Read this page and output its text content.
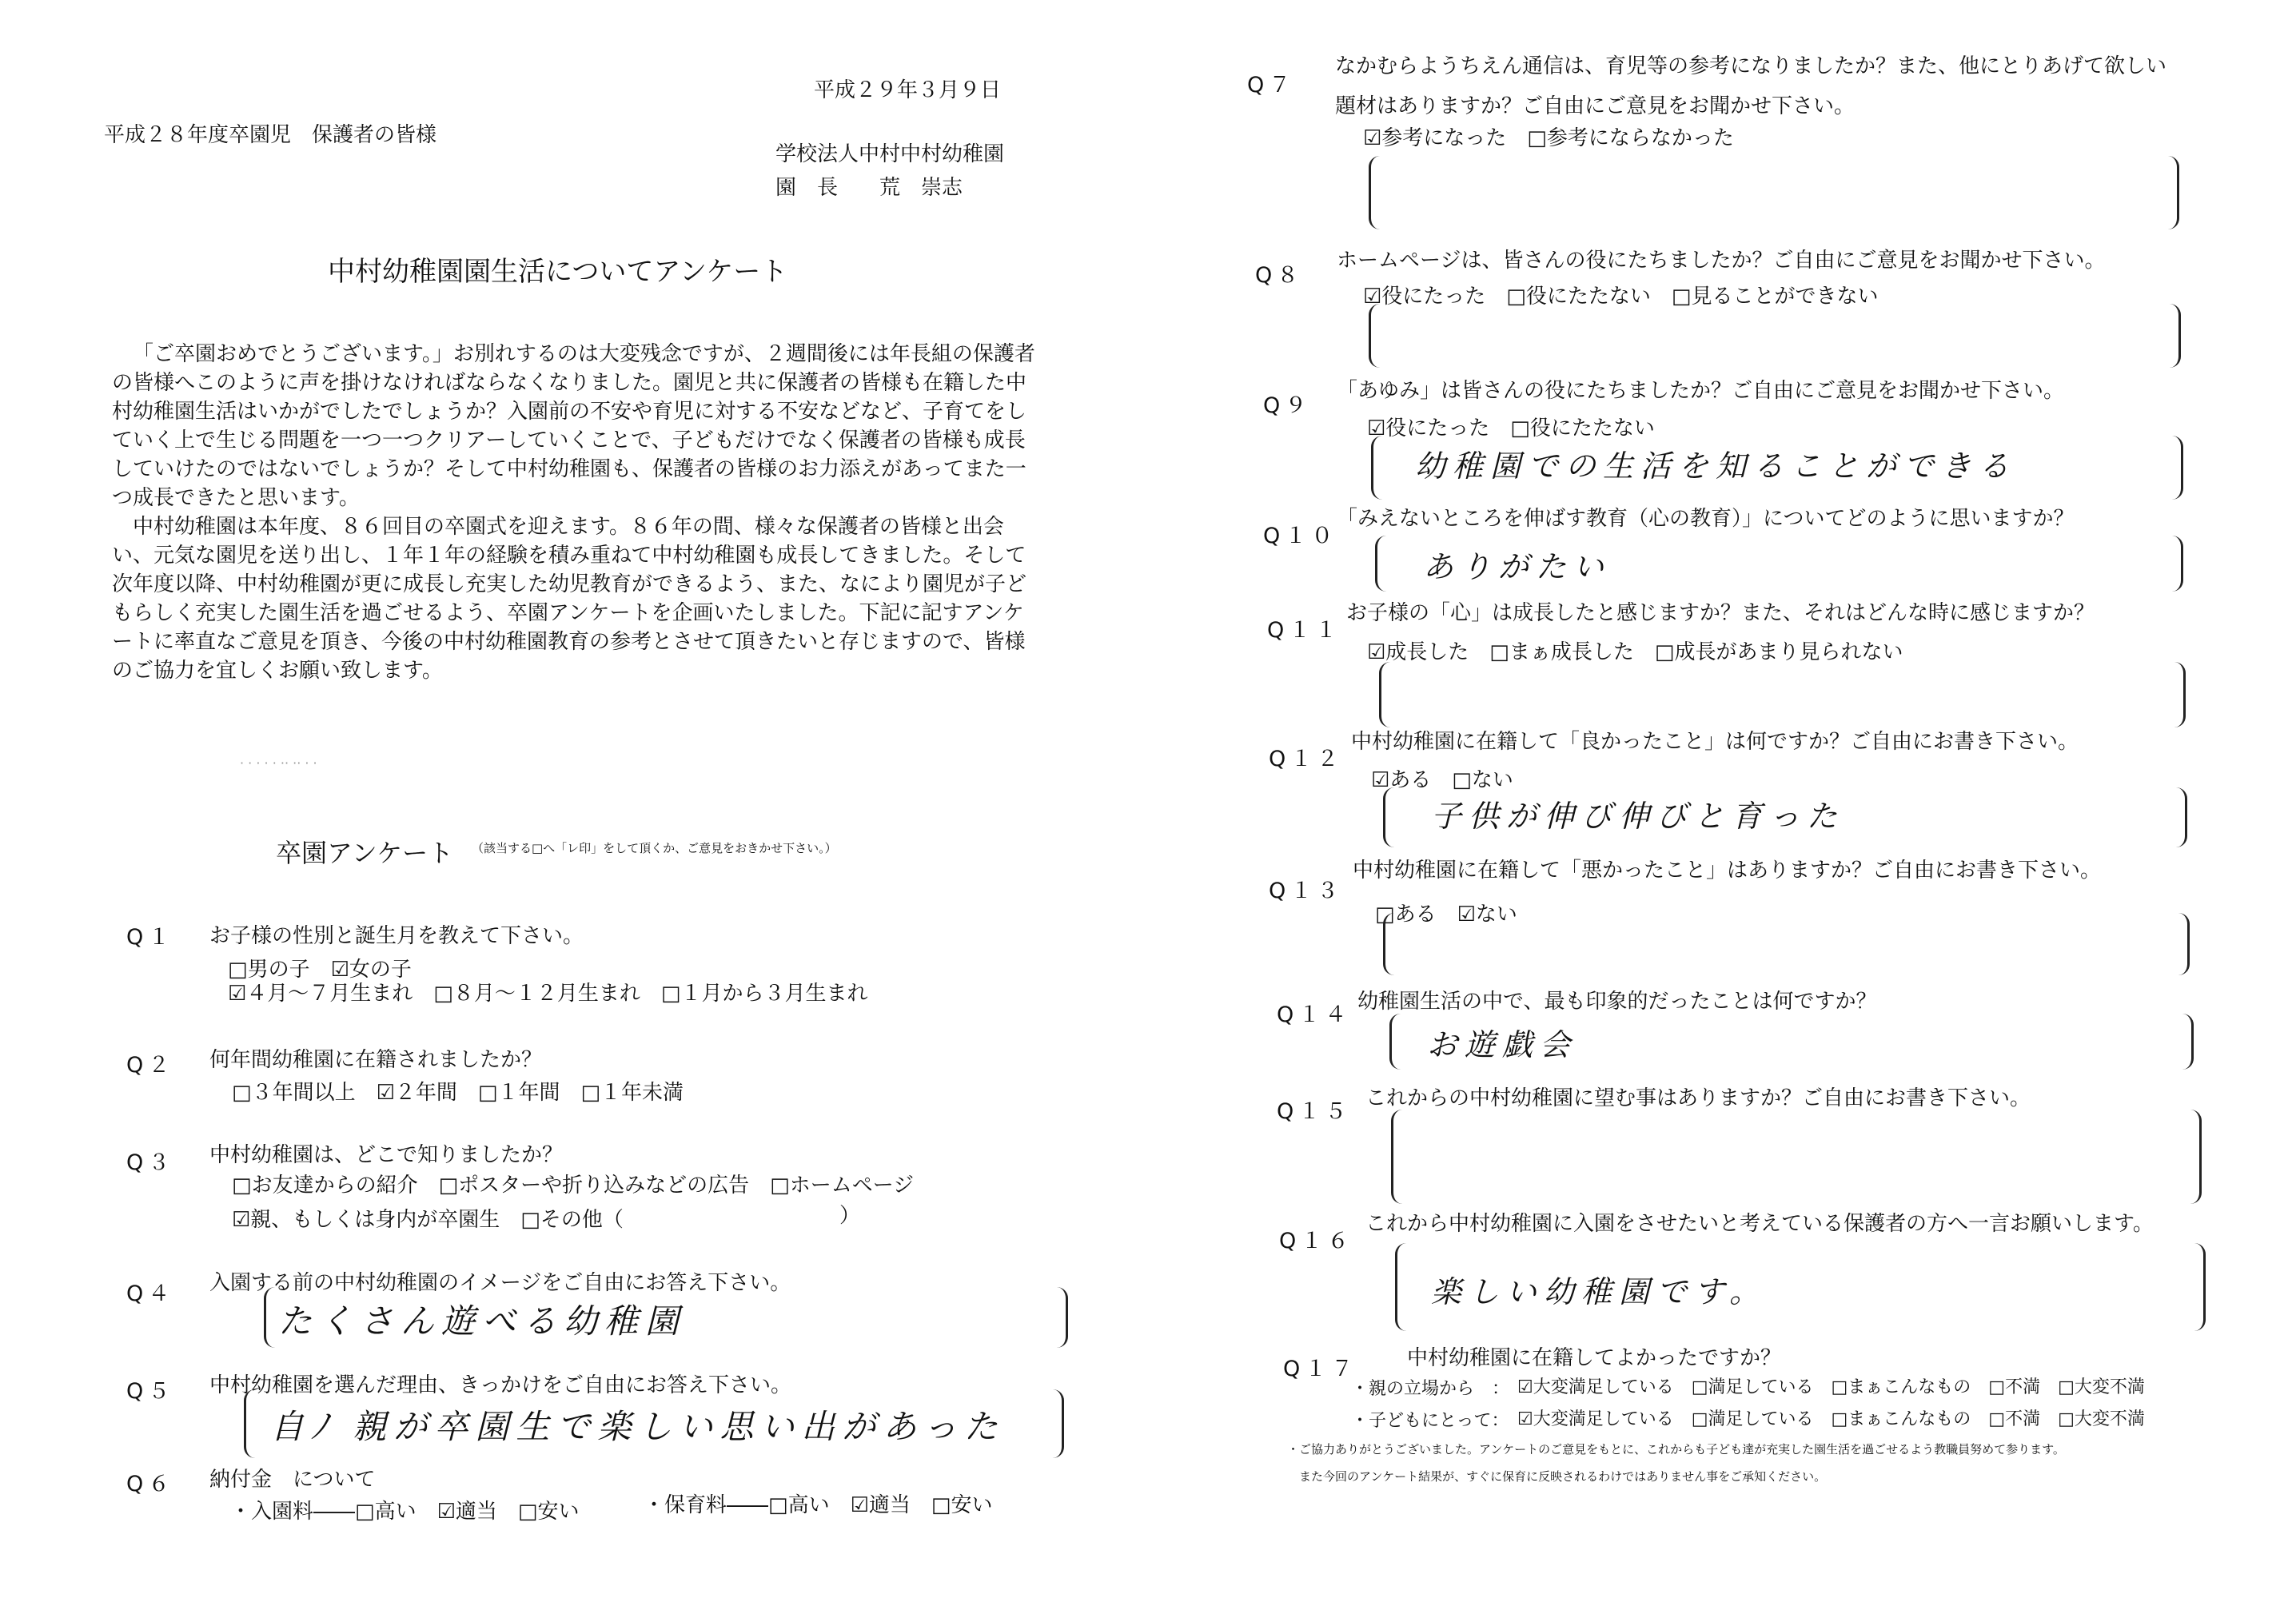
平成２９年３月９日
平成２８年度卒園児　保護者の皆様
学校法人中村中村幼稚園
園　長　　荒　崇志
中村幼稚園園生活についてアンケート

「ご卒園おめでとうございます。」お別れするのは大変残念ですが、２週間後には年長組の保護者の皆様へこのように声を掛けなければならなくなりました。園児と共に保護者の皆様も在籍した中村幼稚園生活はいかがでしたでしょうか？入園前の不安や育児に対する不安などなど、子育てをしていく上で生じる問題を一つ一つクリアーしていくことで、子どもだけでなく保護者の皆様も成長していけたのではないでしょうか？そして中村幼稚園も、保護者の皆様のお力添えがあってまた一つ成長できたと思います。

中村幼稚園は本年度、８６回目の卒園式を迎えます。８６年の間、様々な保護者の皆様と出会い、元気な園児を送り出し、１年１年の経験を積み重ねて中村幼稚園も成長してきました。そして次年度以降、中村幼稚園が更に成長し充実した幼児教育ができるよう、また、なにより園児が子どもらしく充実した園生活を過ごせるよう、卒園アンケートを企画いたしました。下記に記すアンケートに率直なご意見を頂き、今後の中村幼稚園教育の参考とさせて頂きたいと存じますので、皆様のご協力を宜しくお願い致します。

· · · · · ·· ·· · ·
卒園アンケート （該当する□へ「レ印」をして頂くか、ご意見をおきかせ下さい。）
Q１ お子様の性別と誕生月を教えて下さい。
□男の子　☑女の子
☑４月～７月生まれ　□８月～１２月生まれ　□１月から３月生まれ
Q２ 何年間幼稚園に在籍されましたか？
□３年間以上　☑２年間　□１年間　□１年未満
Q３ 中村幼稚園は、どこで知りましたか？
□お友達からの紹介　□ポスターや折り込みなどの広告　□ホームページ
☑親、もしくは身内が卒園生　□その他（	）
Q４ 入園する前の中村幼稚園のイメージをご自由にお答え下さい。
たくさん遊べる幼稚園
Q５ 中村幼稚園を選んだ理由、きっかけをご自由にお答え下さい。
自ﾉ 親が卒園生で楽しい思い出があった
Q６ 納付金　について
・入園料――□高い　☑適当　□安い	・保育料――□高い　☑適当　□安い
Q７
なかむらようちえん通信は、育児等の参考になりましたか？また、他にとりあげて欲しい
題材はありますか？ご自由にご意見をお聞かせ下さい。
☑参考になった　□参考にならなかった
Q８
ホームページは、皆さんの役にたちましたか？ご自由にご意見をお聞かせ下さい。
☑役にたった　□役にたたない　□見ることができない
Q９
「あゆみ」は皆さんの役にたちましたか？ご自由にご意見をお聞かせ下さい。
☑役にたった　□役にたたない
幼稚園での生活を知ることができる
Q１０
「みえないところを伸ばす教育（心の教育）」についてどのように思いますか？
ありがたい
Q１１
お子様の「心」は成長したと感じますか？また、それはどんな時に感じますか？
☑成長した　□まぁ成長した　□成長があまり見られない
Q１２
中村幼稚園に在籍して「良かったこと」は何ですか？ご自由にお書き下さい。
☑ある　□ない
子供が伸び伸びと育った
Q１３
中村幼稚園に在籍して「悪かったこと」はありますか？ご自由にお書き下さい。
□ある　☑ない
Q１４
幼稚園生活の中で、最も印象的だったことは何ですか？
お遊戯会
Q１５
これからの中村幼稚園に望む事はありますか？ご自由にお書き下さい。
Q１６
これから中村幼稚園に入園をさせたいと考えている保護者の方へ一言お願いします。
楽しい幼稚園です。
Q１７ 中村幼稚園に在籍してよかったですか？
・親の立場から　： ☑大変満足している　□満足している　□まぁこんなもの　□不満　□大変不満
・子どもにとって： ☑大変満足している　□満足している　□まぁこんなもの　□不満　□大変不満
・ご協力ありがとうございました。アンケートのご意見をもとに、これからも子ども達が充実した園生活を過ごせるよう教職員努めて参ります。
また今回のアンケート結果が、すぐに保育に反映されるわけではありません事をご承知ください。
